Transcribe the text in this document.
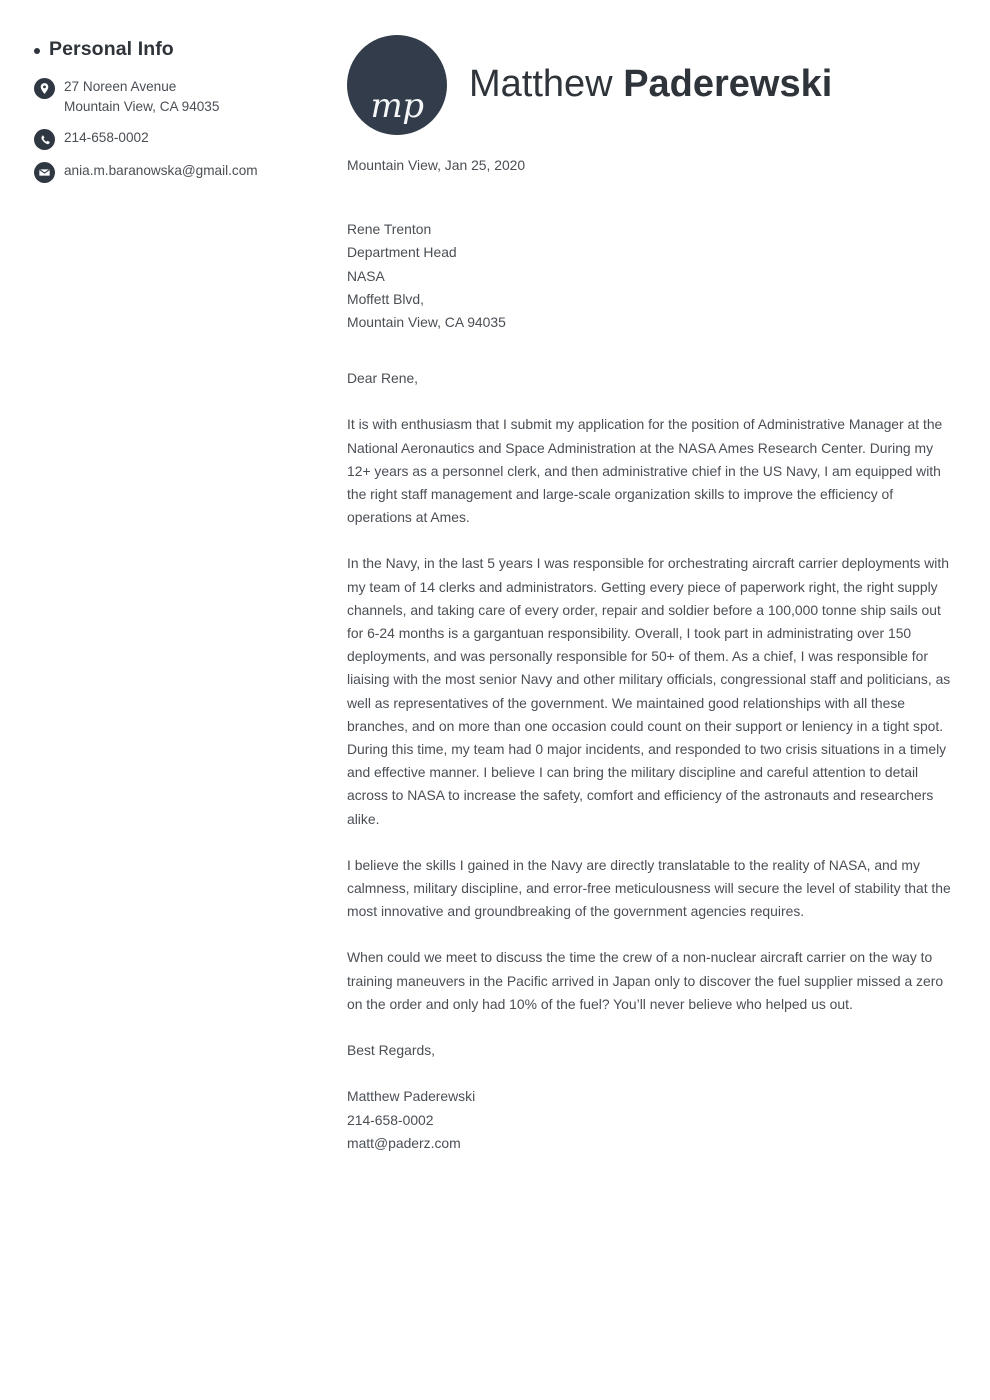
Personal Info
27 Noreen Avenue
Mountain View, CA 94035
214-658-0002
ania.m.baranowska@gmail.com
mp
Matthew Paderewski

Mountain View, Jan 25, 2020

Rene Trenton
Department Head
NASA
Moffett Blvd,
Mountain View, CA 94035

Dear Rene,

It is with enthusiasm that I submit my application for the position of Administrative Manager at the National Aeronautics and Space Administration at the NASA Ames Research Center. During my 12+ years as a personnel clerk, and then administrative chief in the US Navy, I am equipped with the right staff management and large-scale organization skills to improve the efficiency of operations at Ames.

In the Navy, in the last 5 years I was responsible for orchestrating aircraft carrier deployments with my team of 14 clerks and administrators. Getting every piece of paperwork right, the right supply channels, and taking care of every order, repair and soldier before a 100,000 tonne ship sails out for 6-24 months is a gargantuan responsibility. Overall, I took part in administrating over 150 deployments, and was personally responsible for 50+ of them. As a chief, I was responsible for liaising with the most senior Navy and other military officials, congressional staff and politicians, as well as representatives of the government. We maintained good relationships with all these branches, and on more than one occasion could count on their support or leniency in a tight spot. During this time, my team had 0 major incidents, and responded to two crisis situations in a timely and effective manner. I believe I can bring the military discipline and careful attention to detail across to NASA to increase the safety, comfort and efficiency of the astronauts and researchers alike.

I believe the skills I gained in the Navy are directly translatable to the reality of NASA, and my calmness, military discipline, and error-free meticulousness will secure the level of stability that the most innovative and groundbreaking of the government agencies requires.

When could we meet to discuss the time the crew of a non-nuclear aircraft carrier on the way to training maneuvers in the Pacific arrived in Japan only to discover the fuel supplier missed a zero on the order and only had 10% of the fuel? You’ll never believe who helped us out.

Best Regards,

Matthew Paderewski
214-658-0002
matt@paderz.com
